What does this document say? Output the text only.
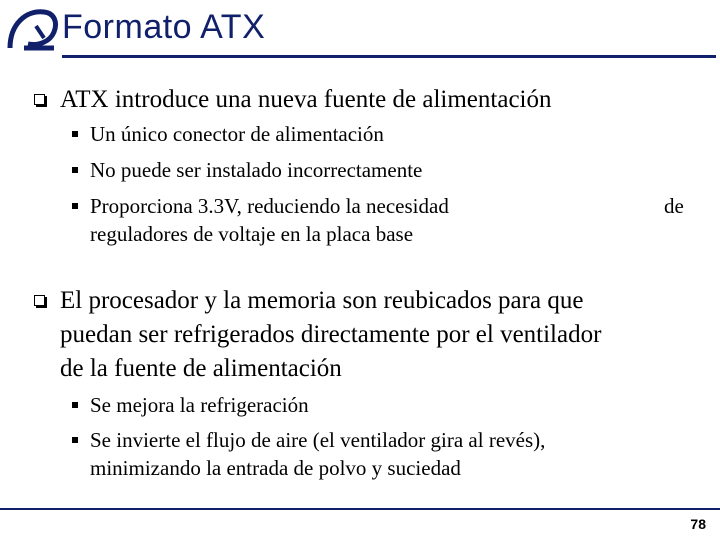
Formato ATX
ATX introduce una nueva fuente de alimentación
Un único conector de alimentación
No puede ser instalado incorrectamente
Proporciona 3.3V, reduciendo la necesidad	de
reguladores de voltaje en la placa base
El procesador y la memoria son reubicados para que
puedan ser refrigerados directamente por el ventilador
de la fuente de alimentación
Se mejora la refrigeración
Se invierte el flujo de aire (el ventilador gira al revés),
minimizando la entrada de polvo y suciedad
78
